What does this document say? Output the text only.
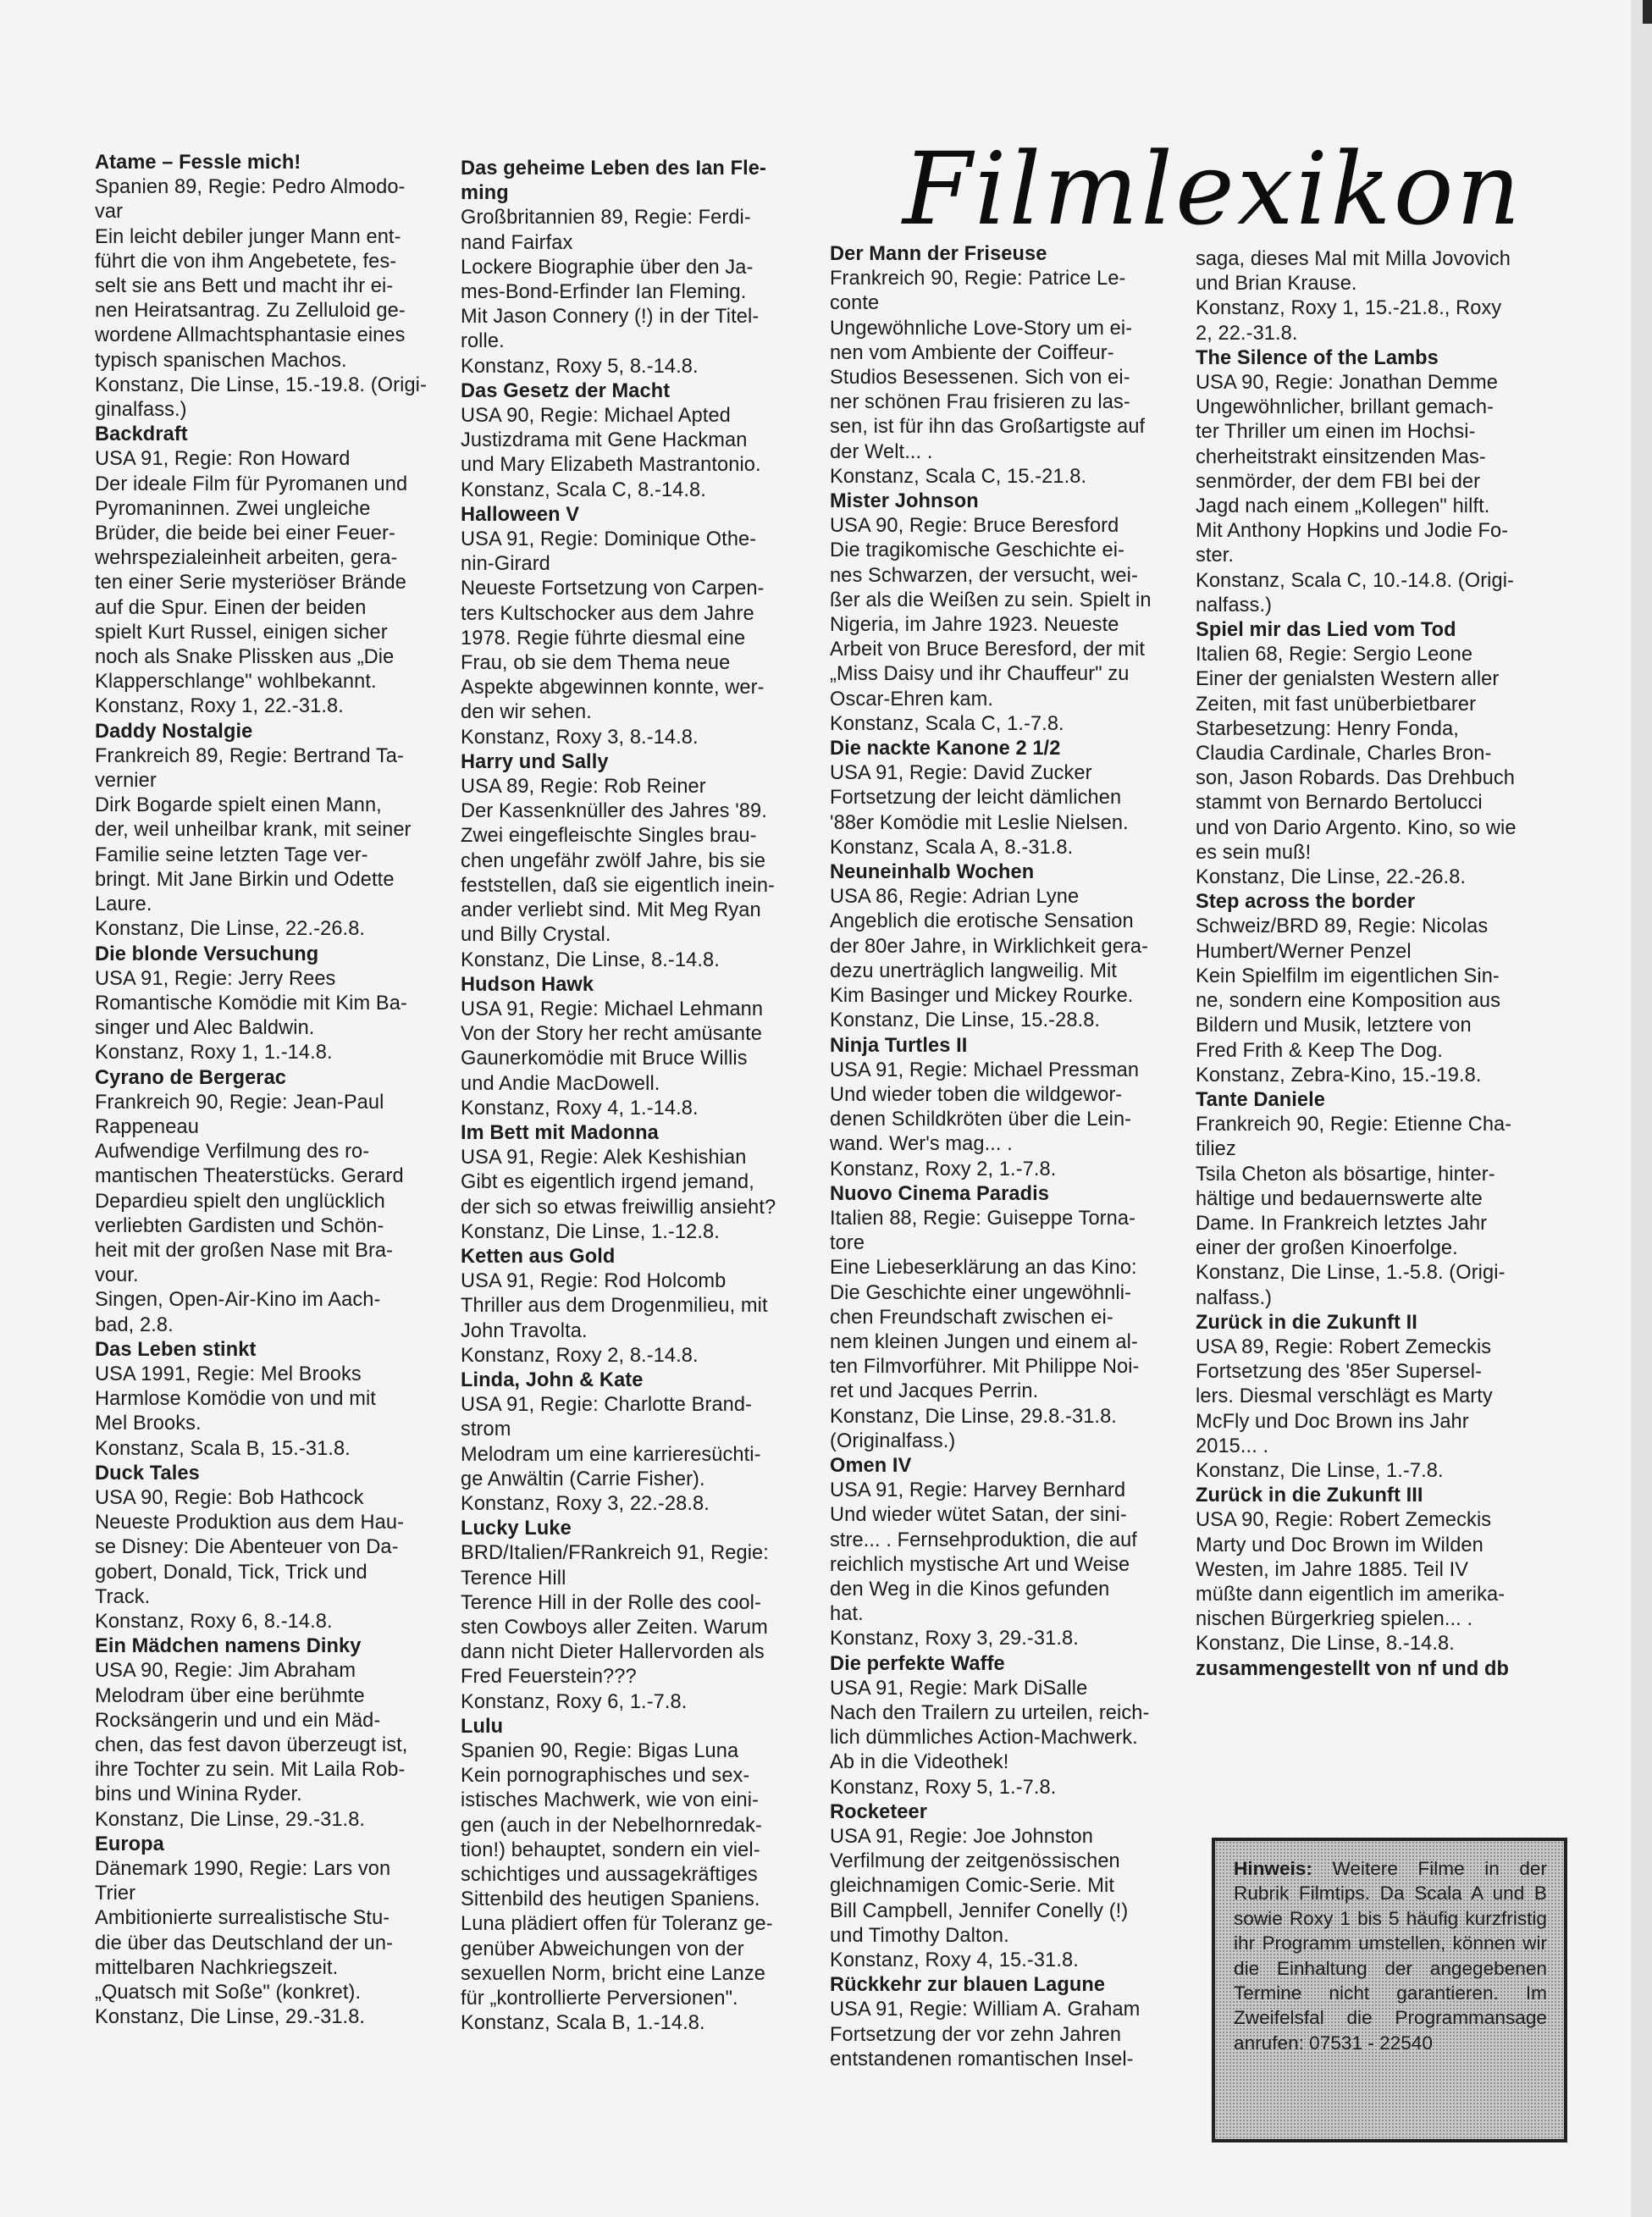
Filmlexikon
Atame – Fessle mich!
Spanien 89, Regie: Pedro Almodo-
var
Ein leicht debiler junger Mann ent-
führt die von ihm Angebetete, fes-
selt sie ans Bett und macht ihr ei-
nen Heiratsantrag. Zu Zelluloid ge-
wordene Allmachtsphantasie eines
typisch spanischen Machos.
Konstanz, Die Linse, 15.-19.8. (Origi-
ginalfass.)
Backdraft
USA 91, Regie: Ron Howard
Der ideale Film für Pyromanen und
Pyromaninnen. Zwei ungleiche
Brüder, die beide bei einer Feuer-
wehrspezialeinheit arbeiten, gera-
ten einer Serie mysteriöser Brände
auf die Spur. Einen der beiden
spielt Kurt Russel, einigen sicher
noch als Snake Plissken aus „Die
Klapperschlange" wohlbekannt.
Konstanz, Roxy 1, 22.-31.8.
Daddy Nostalgie
Frankreich 89, Regie: Bertrand Ta-
vernier
Dirk Bogarde spielt einen Mann,
der, weil unheilbar krank, mit seiner
Familie seine letzten Tage ver-
bringt. Mit Jane Birkin und Odette
Laure.
Konstanz, Die Linse, 22.-26.8.
Die blonde Versuchung
USA 91, Regie: Jerry Rees
Romantische Komödie mit Kim Ba-
singer und Alec Baldwin.
Konstanz, Roxy 1, 1.-14.8.
Cyrano de Bergerac
Frankreich 90, Regie: Jean-Paul
Rappeneau
Aufwendige Verfilmung des ro-
mantischen Theaterstücks. Gerard
Depardieu spielt den unglücklich
verliebten Gardisten und Schön-
heit mit der großen Nase mit Bra-
vour.
Singen, Open-Air-Kino im Aach-
bad, 2.8.
Das Leben stinkt
USA 1991, Regie: Mel Brooks
Harmlose Komödie von und mit
Mel Brooks.
Konstanz, Scala B, 15.-31.8.
Duck Tales
USA 90, Regie: Bob Hathcock
Neueste Produktion aus dem Hau-
se Disney: Die Abenteuer von Da-
gobert, Donald, Tick, Trick und
Track.
Konstanz, Roxy 6, 8.-14.8.
Ein Mädchen namens Dinky
USA 90, Regie: Jim Abraham
Melodram über eine berühmte
Rocksängerin und und ein Mäd-
chen, das fest davon überzeugt ist,
ihre Tochter zu sein. Mit Laila Rob-
bins und Winina Ryder.
Konstanz, Die Linse, 29.-31.8.
Europa
Dänemark 1990, Regie: Lars von
Trier
Ambitionierte surrealistische Stu-
die über das Deutschland der un-
mittelbaren Nachkriegszeit.
„Quatsch mit Soße" (konkret).
Konstanz, Die Linse, 29.-31.8.
Das geheime Leben des Ian Fle-
ming
Großbritannien 89, Regie: Ferdi-
nand Fairfax
Lockere Biographie über den Ja-
mes-Bond-Erfinder Ian Fleming.
Mit Jason Connery (!) in der Titel-
rolle.
Konstanz, Roxy 5, 8.-14.8.
Das Gesetz der Macht
USA 90, Regie: Michael Apted
Justizdrama mit Gene Hackman
und Mary Elizabeth Mastrantonio.
Konstanz, Scala C, 8.-14.8.
Halloween V
USA 91, Regie: Dominique Othe-
nin-Girard
Neueste Fortsetzung von Carpen-
ters Kultschocker aus dem Jahre
1978. Regie führte diesmal eine
Frau, ob sie dem Thema neue
Aspekte abgewinnen konnte, wer-
den wir sehen.
Konstanz, Roxy 3, 8.-14.8.
Harry und Sally
USA 89, Regie: Rob Reiner
Der Kassenknüller des Jahres '89.
Zwei eingefleischte Singles brau-
chen ungefähr zwölf Jahre, bis sie
feststellen, daß sie eigentlich inein-
ander verliebt sind. Mit Meg Ryan
und Billy Crystal.
Konstanz, Die Linse, 8.-14.8.
Hudson Hawk
USA 91, Regie: Michael Lehmann
Von der Story her recht amüsante
Gaunerkomödie mit Bruce Willis
und Andie MacDowell.
Konstanz, Roxy 4, 1.-14.8.
Im Bett mit Madonna
USA 91, Regie: Alek Keshishian
Gibt es eigentlich irgend jemand,
der sich so etwas freiwillig ansieht?
Konstanz, Die Linse, 1.-12.8.
Ketten aus Gold
USA 91, Regie: Rod Holcomb
Thriller aus dem Drogenmilieu, mit
John Travolta.
Konstanz, Roxy 2, 8.-14.8.
Linda, John & Kate
USA 91, Regie: Charlotte Brand-
strom
Melodram um eine karrieresüchti-
ge Anwältin (Carrie Fisher).
Konstanz, Roxy 3, 22.-28.8.
Lucky Luke
BRD/Italien/FRankreich 91, Regie:
Terence Hill
Terence Hill in der Rolle des cool-
sten Cowboys aller Zeiten. Warum
dann nicht Dieter Hallervorden als
Fred Feuerstein???
Konstanz, Roxy 6, 1.-7.8.
Lulu
Spanien 90, Regie: Bigas Luna
Kein pornographisches und sex-
istisches Machwerk, wie von eini-
gen (auch in der Nebelhornredak-
tion!) behauptet, sondern ein viel-
schichtiges und aussagekräftiges
Sittenbild des heutigen Spaniens.
Luna plädiert offen für Toleranz ge-
genüber Abweichungen von der
sexuellen Norm, bricht eine Lanze
für „kontrollierte Perversionen".
Konstanz, Scala B, 1.-14.8.
Der Mann der Friseuse
Frankreich 90, Regie: Patrice Le-
conte
Ungewöhnliche Love-Story um ei-
nen vom Ambiente der Coiffeur-
Studios Besessenen. Sich von ei-
ner schönen Frau frisieren zu las-
sen, ist für ihn das Großartigste auf
der Welt... .
Konstanz, Scala C, 15.-21.8.
Mister Johnson
USA 90, Regie: Bruce Beresford
Die tragikomische Geschichte ei-
nes Schwarzen, der versucht, wei-
ßer als die Weißen zu sein. Spielt in
Nigeria, im Jahre 1923. Neueste
Arbeit von Bruce Beresford, der mit
„Miss Daisy und ihr Chauffeur" zu
Oscar-Ehren kam.
Konstanz, Scala C, 1.-7.8.
Die nackte Kanone 2 1/2
USA 91, Regie: David Zucker
Fortsetzung der leicht dämlichen
'88er Komödie mit Leslie Nielsen.
Konstanz, Scala A, 8.-31.8.
Neuneinhalb Wochen
USA 86, Regie: Adrian Lyne
Angeblich die erotische Sensation
der 80er Jahre, in Wirklichkeit gera-
dezu unerträglich langweilig. Mit
Kim Basinger und Mickey Rourke.
Konstanz, Die Linse, 15.-28.8.
Ninja Turtles II
USA 91, Regie: Michael Pressman
Und wieder toben die wildgewor-
denen Schildkröten über die Lein-
wand. Wer's mag... .
Konstanz, Roxy 2, 1.-7.8.
Nuovo Cinema Paradis
Italien 88, Regie: Guiseppe Torna-
tore
Eine Liebeserklärung an das Kino:
Die Geschichte einer ungewöhnli-
chen Freundschaft zwischen ei-
nem kleinen Jungen und einem al-
ten Filmvorführer. Mit Philippe Noi-
ret und Jacques Perrin.
Konstanz, Die Linse, 29.8.-31.8.
(Originalfass.)
Omen IV
USA 91, Regie: Harvey Bernhard
Und wieder wütet Satan, der sini-
stre... . Fernsehproduktion, die auf
reichlich mystische Art und Weise
den Weg in die Kinos gefunden
hat.
Konstanz, Roxy 3, 29.-31.8.
Die perfekte Waffe
USA 91, Regie: Mark DiSalle
Nach den Trailern zu urteilen, reich-
lich dümmliches Action-Machwerk.
Ab in die Videothek!
Konstanz, Roxy 5, 1.-7.8.
Rocketeer
USA 91, Regie: Joe Johnston
Verfilmung der zeitgenössischen
gleichnamigen Comic-Serie. Mit
Bill Campbell, Jennifer Conelly (!)
und Timothy Dalton.
Konstanz, Roxy 4, 15.-31.8.
Rückkehr zur blauen Lagune
USA 91, Regie: William A. Graham
Fortsetzung der vor zehn Jahren
entstandenen romantischen Insel-
saga, dieses Mal mit Milla Jovovich
und Brian Krause.
Konstanz, Roxy 1, 15.-21.8., Roxy
2, 22.-31.8.
The Silence of the Lambs
USA 90, Regie: Jonathan Demme
Ungewöhnlicher, brillant gemach-
ter Thriller um einen im Hochsi-
cherheitstrakt einsitzenden Mas-
senmörder, der dem FBI bei der
Jagd nach einem „Kollegen" hilft.
Mit Anthony Hopkins und Jodie Fo-
ster.
Konstanz, Scala C, 10.-14.8. (Origi-
nalfass.)
Spiel mir das Lied vom Tod
Italien 68, Regie: Sergio Leone
Einer der genialsten Western aller
Zeiten, mit fast unüberbietbarer
Starbesetzung: Henry Fonda,
Claudia Cardinale, Charles Bron-
son, Jason Robards. Das Drehbuch
stammt von Bernardo Bertolucci
und von Dario Argento. Kino, so wie
es sein muß!
Konstanz, Die Linse, 22.-26.8.
Step across the border
Schweiz/BRD 89, Regie: Nicolas
Humbert/Werner Penzel
Kein Spielfilm im eigentlichen Sin-
ne, sondern eine Komposition aus
Bildern und Musik, letztere von
Fred Frith & Keep The Dog.
Konstanz, Zebra-Kino, 15.-19.8.
Tante Daniele
Frankreich 90, Regie: Etienne Cha-
tiliez
Tsila Cheton als bösartige, hinter-
hältige und bedauernswerte alte
Dame. In Frankreich letztes Jahr
einer der großen Kinoerfolge.
Konstanz, Die Linse, 1.-5.8. (Origi-
nalfass.)
Zurück in die Zukunft II
USA 89, Regie: Robert Zemeckis
Fortsetzung des '85er Supersel-
lers. Diesmal verschlägt es Marty
McFly und Doc Brown ins Jahr
2015... .
Konstanz, Die Linse, 1.-7.8.
Zurück in die Zukunft III
USA 90, Regie: Robert Zemeckis
Marty und Doc Brown im Wilden
Westen, im Jahre 1885. Teil IV
müßte dann eigentlich im amerika-
nischen Bürgerkrieg spielen... .
Konstanz, Die Linse, 8.-14.8.
zusammengestellt von nf und db
Hinweis: Weitere Filme in der Rubrik Filmtips. Da Scala A und B sowie Roxy 1 bis 5 häufig kurzfristig ihr Programm umstellen, können wir die Einhaltung der angegebenen Termine nicht garantieren. Im Zweifelsfal die Programmansage anrufen: 07531 - 22540
